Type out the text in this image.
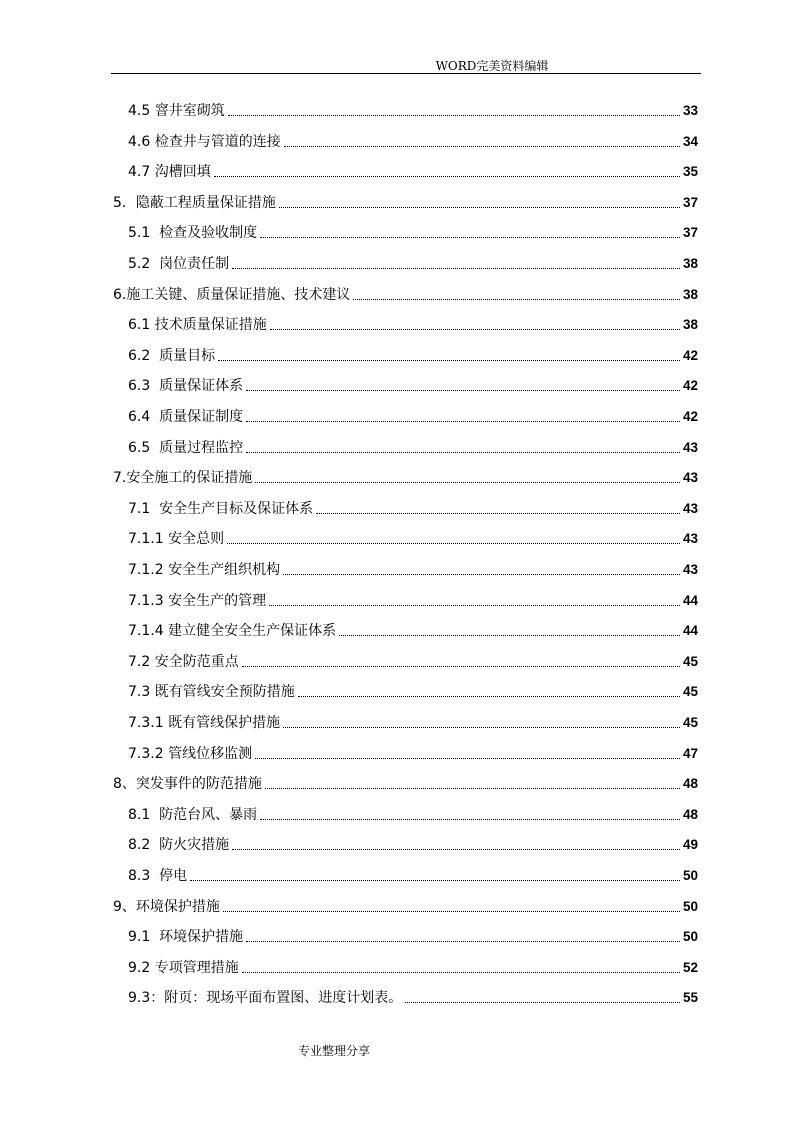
WORD完美资料编辑
4.5 窨井室砌筑	33
4.6 检查井与管道的连接	34
4.7 沟槽回填	35
5．隐蔽工程质量保证措施	37
5.1  检查及验收制度	37
5.2  岗位责任制	38
6.施工关键、质量保证措施、技术建议	38
6.1 技术质量保证措施	38
6.2  质量目标	42
6.3  质量保证体系	42
6.4  质量保证制度	42
6.5  质量过程监控	43
7.安全施工的保证措施	43
7.1  安全生产目标及保证体系	43
7.1.1 安全总则	43
7.1.2 安全生产组织机构	43
7.1.3 安全生产的管理	44
7.1.4 建立健全安全生产保证体系	44
7.2 安全防范重点	45
7.3 既有管线安全预防措施	45
7.3.1 既有管线保护措施	45
7.3.2 管线位移监测	47
8、突发事件的防范措施	48
8.1  防范台风、暴雨	48
8.2  防火灾措施	49
8.3  停电	50
9、环境保护措施	50
9.1  环境保护措施	50
9.2 专项管理措施	52
9.3：附页：现场平面布置图、进度计划表。	55
专业整理分享
